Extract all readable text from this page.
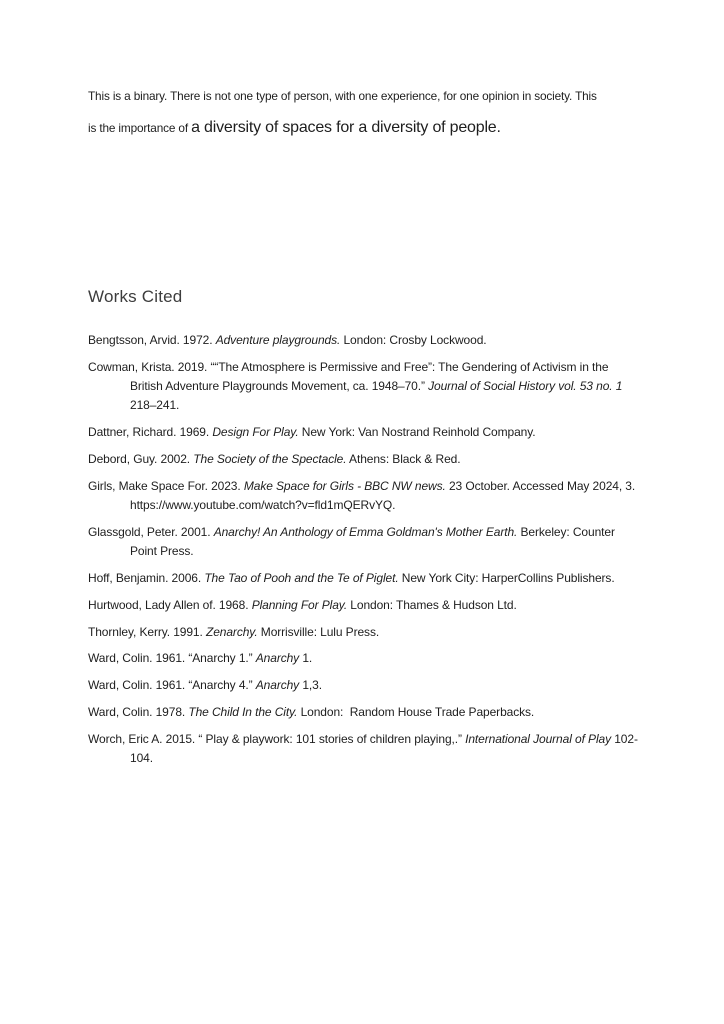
This is a binary. There is not one type of person, with one experience, for one opinion in society. This
is the importance of a diversity of spaces for a diversity of people.

Works Cited

Bengtsson, Arvid. 1972. Adventure playgrounds. London: Crosby Lockwood.

Cowman, Krista. 2019. ““The Atmosphere is Permissive and Free”: The Gendering of Activism in the British Adventure Playgrounds Movement, ca. 1948–70.” Journal of Social History vol. 53 no. 1 218–241.

Dattner, Richard. 1969. Design For Play. New York: Van Nostrand Reinhold Company.

Debord, Guy. 2002. The Society of the Spectacle. Athens: Black & Red.

Girls, Make Space For. 2023. Make Space for Girls - BBC NW news. 23 October. Accessed May 2024, 3. https://www.youtube.com/watch?v=fld1mQERvYQ.

Glassgold, Peter. 2001. Anarchy! An Anthology of Emma Goldman's Mother Earth. Berkeley: Counter Point Press.

Hoff, Benjamin. 2006. The Tao of Pooh and the Te of Piglet. New York City: HarperCollins Publishers.

Hurtwood, Lady Allen of. 1968. Planning For Play. London: Thames & Hudson Ltd.

Thornley, Kerry. 1991. Zenarchy. Morrisville: Lulu Press.

Ward, Colin. 1961. “Anarchy 1.” Anarchy 1.

Ward, Colin. 1961. “Anarchy 4.” Anarchy 1,3.

Ward, Colin. 1978. The Child In the City. London:  Random House Trade Paperbacks.

Worch, Eric A. 2015. “ Play & playwork: 101 stories of children playing,.” International Journal of Play 102-104.
